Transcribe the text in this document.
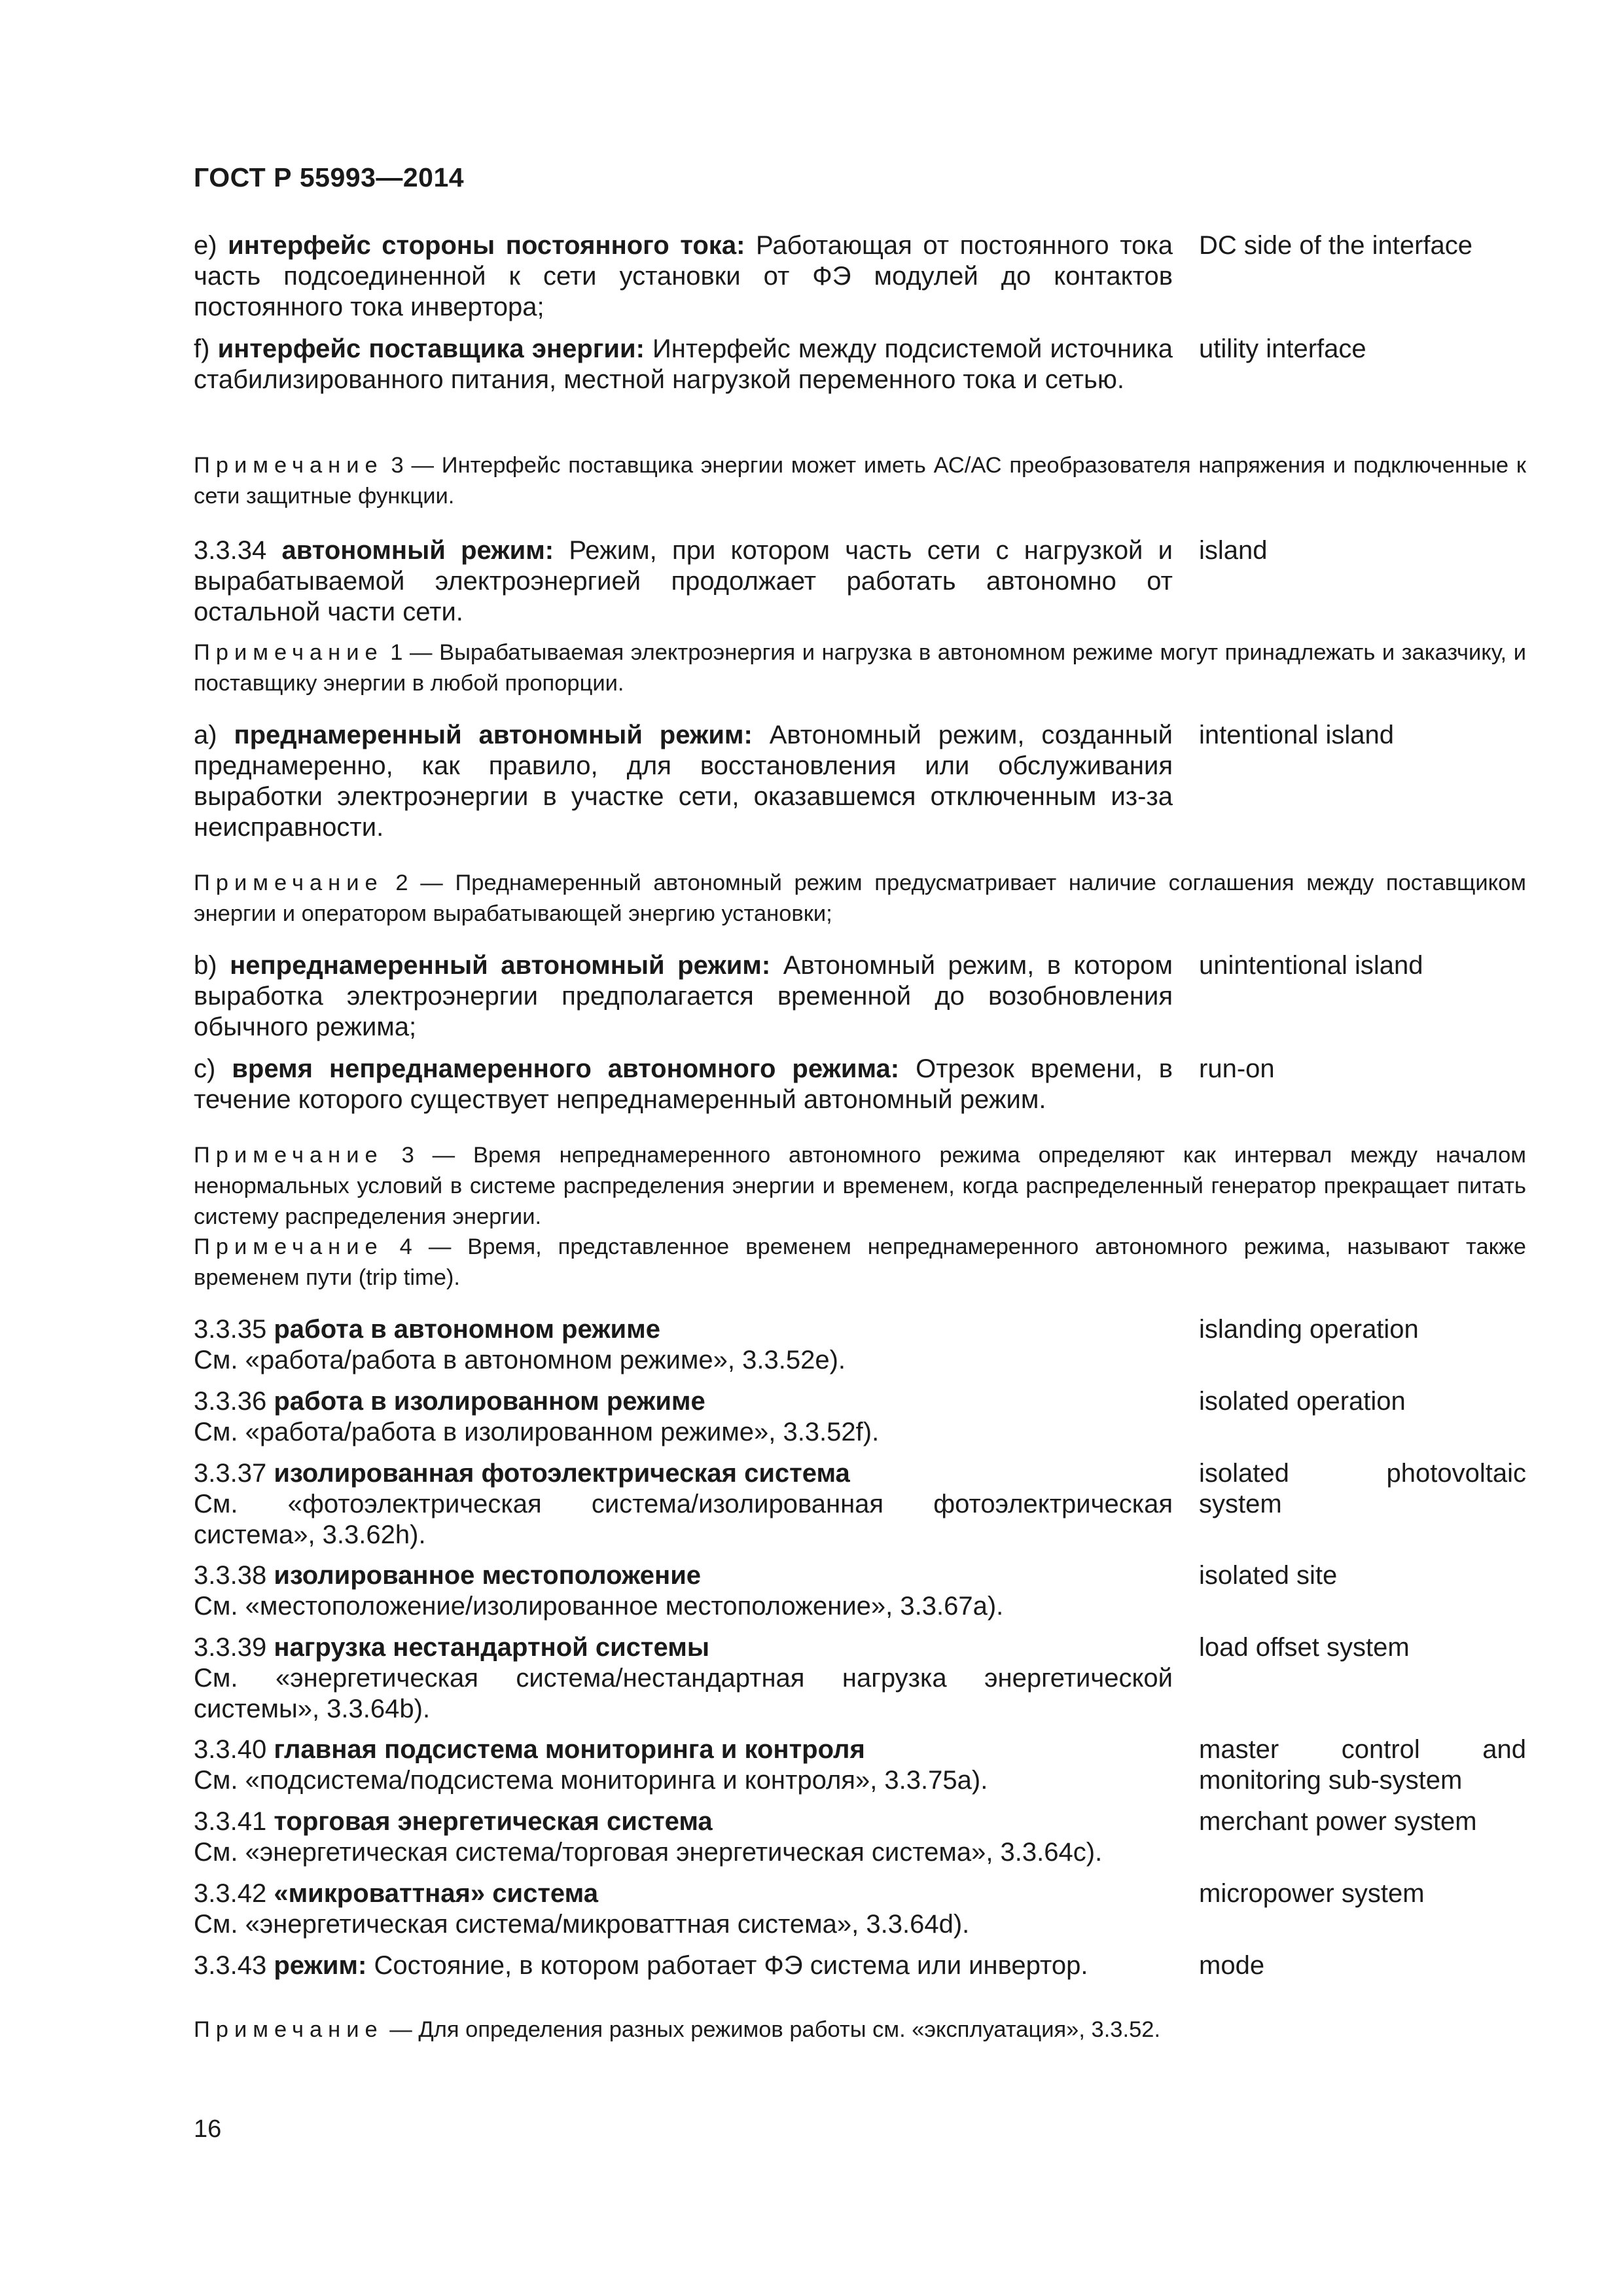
ГОСТ Р 55993—2014
e) интерфейс стороны постоянного тока: Работающая от постоянного тока часть подсоединенной к сети установки от ФЭ модулей до контактов постоянного тока инвертора;
DC side of the interface
f) интерфейс поставщика энергии: Интерфейс между подсистемой источника стабилизированного питания, местной нагрузкой переменного тока и сетью.
utility interface
Примечание 3 — Интерфейс поставщика энергии может иметь АС/АС преобразователя напряжения и подключенные к сети защитные функции.
3.3.34 автономный режим: Режим, при котором часть сети с нагрузкой и вырабатываемой электроэнергией продолжает работать автономно от остальной части сети.
island
Примечание 1 — Вырабатываемая электроэнергия и нагрузка в автономном режиме могут принадлежать и заказчику, и поставщику энергии в любой пропорции.
а) преднамеренный автономный режим: Автономный режим, созданный преднамеренно, как правило, для восстановления или обслуживания выработки электроэнергии в участке сети, оказавшемся отключенным из-за неисправности.
intentional island
Примечание 2 — Преднамеренный автономный режим предусматривает наличие соглашения между поставщиком энергии и оператором вырабатывающей энергию установки;
b) непреднамеренный автономный режим: Автономный режим, в котором выработка электроэнергии предполагается временной до возобновления обычного режима;
unintentional island
c) время непреднамеренного автономного режима: Отрезок времени, в течение которого существует непреднамеренный автономный режим.
run-on
Примечание 3 — Время непреднамеренного автономного режима определяют как интервал между началом ненормальных условий в системе распределения энергии и временем, когда распределенный генератор прекращает питать систему распределения энергии.
Примечание 4 — Время, представленное временем непреднамеренного автономного режима, называют также временем пути (trip time).
3.3.35 работа в автономном режиме
См. «работа/работа в автономном режиме», 3.3.52е).
islanding operation
3.3.36 работа в изолированном режиме
См. «работа/работа в изолированном режиме», 3.3.52f).
isolated operation
3.3.37 изолированная фотоэлектрическая система
См. «фотоэлектрическая система/изолированная фотоэлектрическая система», 3.3.62h).
isolated photovoltaic system
3.3.38 изолированное местоположение
См. «местоположение/изолированное местоположение», 3.3.67а).
isolated site
3.3.39 нагрузка нестандартной системы
См. «энергетическая система/нестандартная нагрузка энергетической системы», 3.3.64b).
load offset system
3.3.40 главная подсистема мониторинга и контроля
См. «подсистема/подсистема мониторинга и контроля», 3.3.75а).
master control and monitoring sub-system
3.3.41 торговая энергетическая система
См. «энергетическая система/торговая энергетическая система», 3.3.64с).
merchant power system
3.3.42 «микроваттная» система
См. «энергетическая система/микроваттная система», 3.3.64d).
micropower system
3.3.43 режим: Состояние, в котором работает ФЭ система или инвертор.	mode
Примечание — Для определения разных режимов работы см. «эксплуатация», 3.3.52.
16
